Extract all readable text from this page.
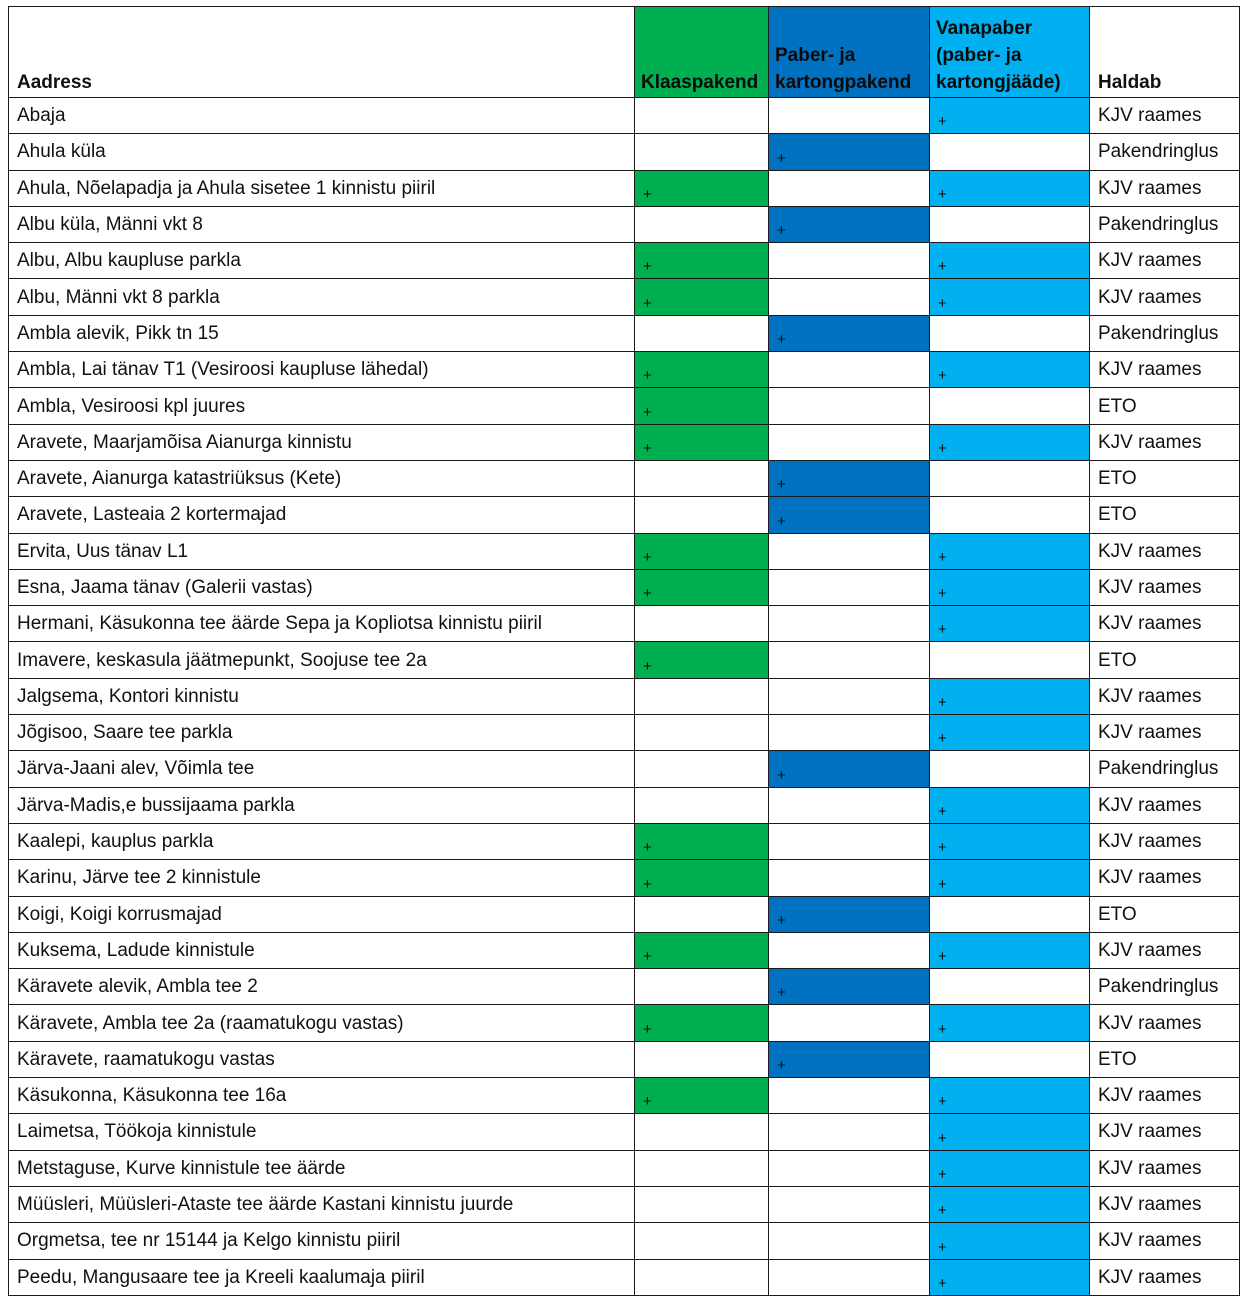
Aadress	Klaaspakend	Paber- ja kartongpakend	Vanapaber (paber- ja kartongjääde)	Haldab
Abaja			+	KJV raames
Ahula küla		+		Pakendringlus
Ahula, Nõelapadja ja Ahula sisetee 1 kinnistu piiril	+		+	KJV raames
Albu küla, Männi vkt 8		+		Pakendringlus
Albu, Albu kaupluse parkla	+		+	KJV raames
Albu, Männi vkt 8 parkla	+		+	KJV raames
Ambla alevik, Pikk tn 15		+		Pakendringlus
Ambla, Lai tänav T1 (Vesiroosi kaupluse lähedal)	+		+	KJV raames
Ambla, Vesiroosi kpl juures	+			ETO
Aravete, Maarjamõisa Aianurga kinnistu	+		+	KJV raames
Aravete, Aianurga katastriüksus (Kete)		+		ETO
Aravete, Lasteaia 2 kortermajad		+		ETO
Ervita, Uus tänav L1	+		+	KJV raames
Esna, Jaama tänav (Galerii vastas)	+		+	KJV raames
Hermani, Käsukonna tee äärde Sepa ja Kopliotsa kinnistu piiril			+	KJV raames
Imavere, keskasula jäätmepunkt, Soojuse tee 2a	+			ETO
Jalgsema, Kontori kinnistu			+	KJV raames
Jõgisoo, Saare tee parkla			+	KJV raames
Järva-Jaani alev, Võimla tee		+		Pakendringlus
Järva-Madis,e bussijaama parkla			+	KJV raames
Kaalepi, kauplus parkla	+		+	KJV raames
Karinu, Järve tee 2 kinnistule	+		+	KJV raames
Koigi, Koigi korrusmajad		+		ETO
Kuksema, Ladude kinnistule	+		+	KJV raames
Käravete alevik, Ambla tee 2		+		Pakendringlus
Käravete, Ambla tee 2a (raamatukogu vastas)	+		+	KJV raames
Käravete, raamatukogu vastas		+		ETO
Käsukonna, Käsukonna tee 16a	+		+	KJV raames
Laimetsa, Töökoja kinnistule			+	KJV raames
Metstaguse, Kurve kinnistule tee äärde			+	KJV raames
Müüsleri, Müüsleri-Ataste tee äärde Kastani kinnistu juurde			+	KJV raames
Orgmetsa, tee nr 15144 ja Kelgo kinnistu piiril			+	KJV raames
Peedu, Mangusaare tee ja Kreeli kaalumaja piiril			+	KJV raames
